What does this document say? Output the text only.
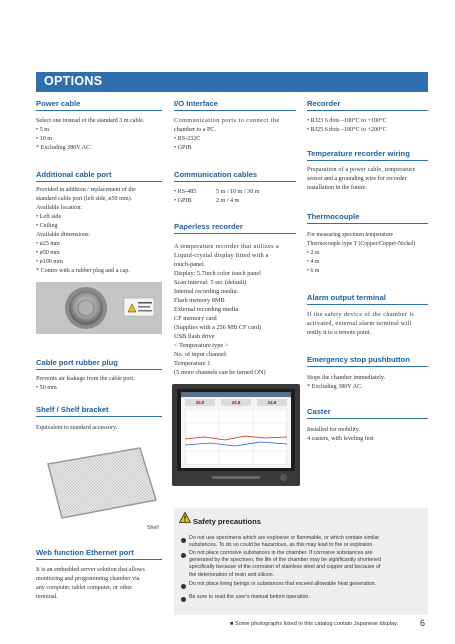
OPTIONS
Power cable
Select one instead of the standard 3 m cable.
• 5 m
• 10 m
* Excluding 380V AC.
Additional cable port
Provided in addition / replacement of the
standard cable port (left side, ø50 mm).
Available location:
• Left side
• Ceiling
Available dimensions:
• ø25 mm
• ø50 mm
• ø100 mm
* Comes with a rubber plug and a cap.
Cable port rubber plug
Prevents air leakage from the cable port.
• 50 mm
Shelf / Shelf bracket
Equivalent to standard accessory.
Shelf
Web function Ethernet port
It is an embedded server solution that allows
monitoring and programming chamber via
any computer, tablet computer, or other
terminal.
I/O Interface
Communication ports to connect the
chamber to a PC.
• RS-232C
• GPIB
Communication cables
• RS-485	5 m / 10 m / 30 m
• GPIB	2 m / 4 m
Paperless recorder
A temperature recorder that utilizes a
Liquid-crystal display fitted with a
touch-panel.
Display: 5.7inch color touch panel
Scan interval: 5 sec (default)
Internal recording media:
Flash memory 8MB
External recording media:
CF memory card
(Supplies with a 256 MB CF card)
USB flash drive
< Temperature type >
No. of input channel:
Temperature 1
(5 more channels can be turned ON)
25.0	24.8	24.6
Recorder
• RJ23 6 dots –100°C to +100°C
• RJ25 6 dots –100°C to +200°C
Temperature recorder wiring
Preparation of a power cable, temperature
sensor and a grounding wire for recorder
installation in the future.
Thermocouple
For measuring specimen temperature
Thermocouple type T (Copper/Copper-Nickel)
• 2 m
• 4 m
• 6 m
Alarm output terminal
If the safety device of the chamber is
activated, external alarm terminal will
notify it to a remote point.
Emergency stop pushbutton
Stops the chamber immediately.
* Excluding 380V AC.
Caster
Installed for mobility.
4 casters, with leveling feet
Safety precautions
Do not use specimens which are explosive or flammable, or which contain similar
substances. To do so could be hazardous, as this may lead to fire or explosion.
Do not place corrosive substances in the chamber. If corrosive substances are
generated by the specimen, the life of the chamber may be significantly shortened
specifically because of the corrosion of stainless steel and copper and because of
the deterioration of resin and silicon.
Do not place living beings or substances that exceed allowable heat generation.
Be sure to read the user's manual before operation.
■ Some photographs listed in this catalog contain Japanese display. 6
